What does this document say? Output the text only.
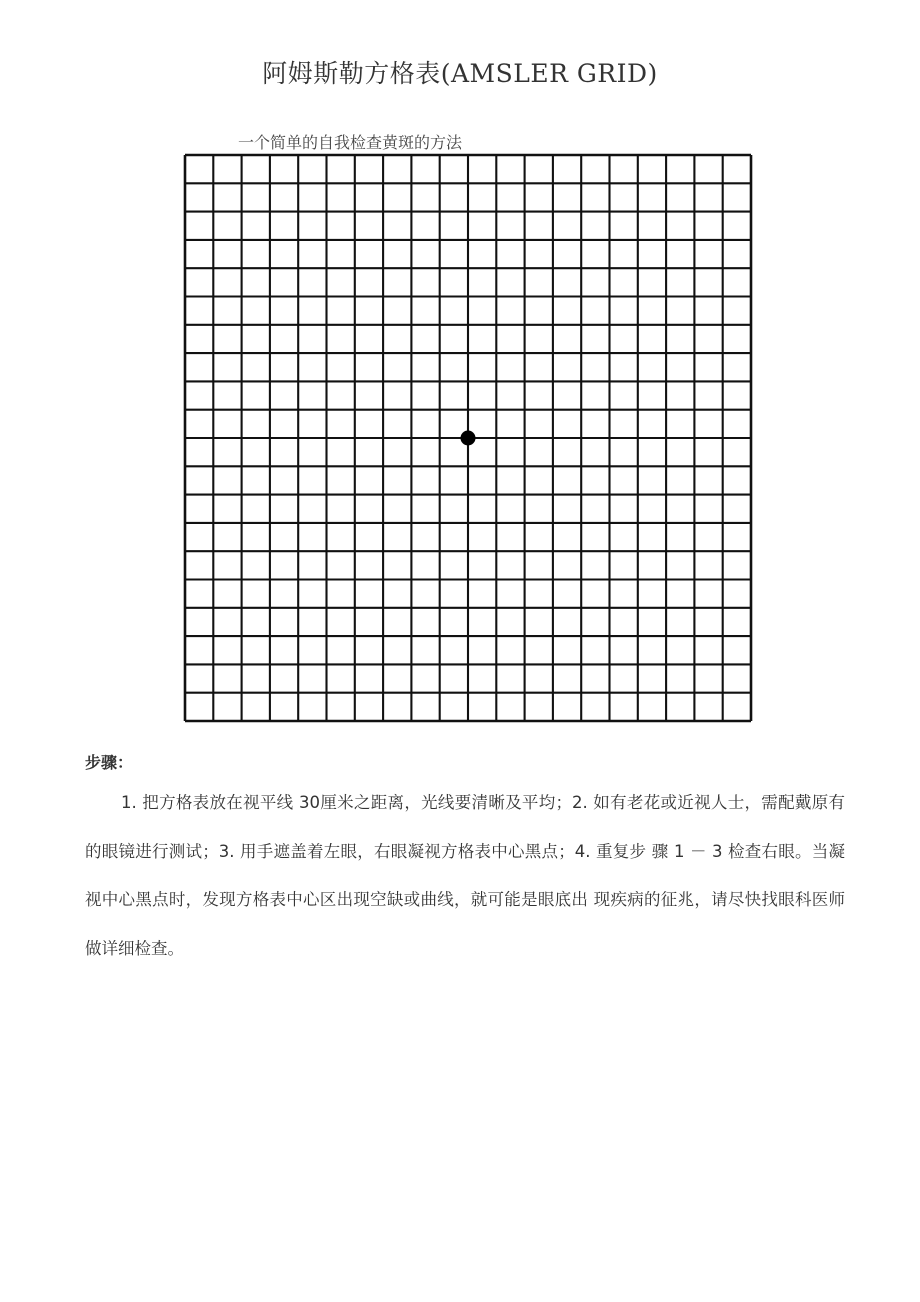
阿姆斯勒方格表(AMSLER GRID)
一个简单的自我检查黄斑的方法
步骤：

1. 把方格表放在视平线 30厘米之距离，光线要清晰及平均；2. 如有老花或近视人士，需配戴原有的眼镜进行测试；3. 用手遮盖着左眼，右眼凝视方格表中心黑点；4. 重复步 骤 1 － 3 检查右眼。当凝视中心黑点时，发现方格表中心区出现空缺或曲线，就可能是眼底出 现疾病的征兆，请尽快找眼科医师做详细检查。
